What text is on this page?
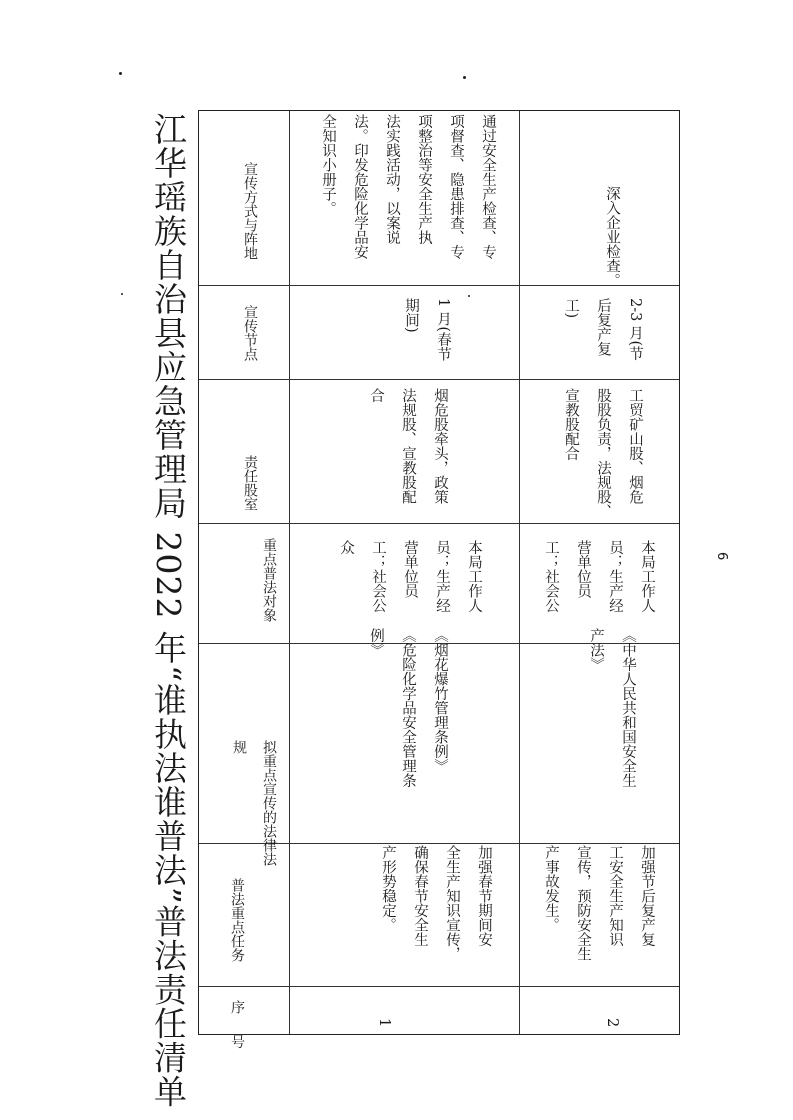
江华瑶族自治县应急管理局 2022 年“谁执法谁普法”普法责任清单	序 号
普法重点任务
拟重点宣传的法律法规
重点普法对象
责任股室
宣传节点
宣传方式与阵地
1
加强春节期间安
全生产知识宣传，
确保春节安全生
产形势稳定。
《烟花爆竹管理条例》
《危险化学品安全管理条
例》
本局工作人
员；生产经
营单位员
工；社会公
众
烟危股牵头，政策
法规股、宣教股配
合
1 月(春节
期间)
通过安全生产检查、专
项督查、隐患排查、专
项整治等安全生产执
法实践活动，以案说
法。印发危险化学品安
全知识小册子。
2
加强节后复产复
工安全生产知识
宣传，预防安全生
产事故发生。
《中华人民共和国安全生
产法》
本局工作人
员；生产经
营单位员
工；社会公
工贸矿山股、烟危
股股负责，法规股、
宣教股配合
2-3 月(节
后复产复
工)
深入企业检查。
6
